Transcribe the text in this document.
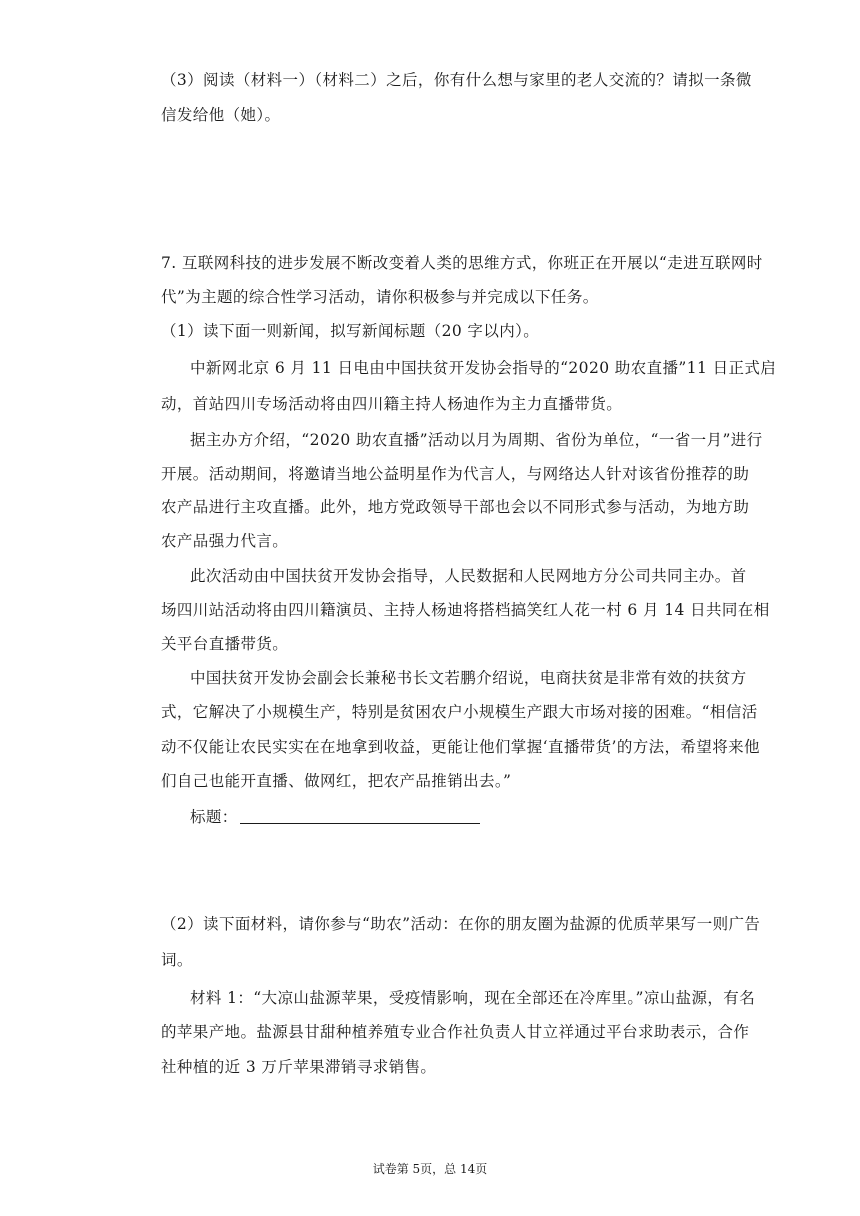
（3）阅读（材料一）（材料二）之后，你有什么想与家里的老人交流的？请拟一条微
信发给他（她）。
7. 互联网科技的进步发展不断改变着人类的思维方式，你班正在开展以“走进互联网时
代”为主题的综合性学习活动，请你积极参与并完成以下任务。
（1）读下面一则新闻，拟写新闻标题（20 字以内）。
中新网北京 6 月 11 日电由中国扶贫开发协会指导的“2020 助农直播”11 日正式启
动，首站四川专场活动将由四川籍主持人杨迪作为主力直播带货。
据主办方介绍，“2020 助农直播”活动以月为周期、省份为单位，“一省一月”进行
开展。活动期间，将邀请当地公益明星作为代言人，与网络达人针对该省份推荐的助
农产品进行主攻直播。此外，地方党政领导干部也会以不同形式参与活动，为地方助
农产品强力代言。
此次活动由中国扶贫开发协会指导，人民数据和人民网地方分公司共同主办。首
场四川站活动将由四川籍演员、主持人杨迪将搭档搞笑红人花一村 6 月 14 日共同在相
关平台直播带货。
中国扶贫开发协会副会长兼秘书长文若鹏介绍说，电商扶贫是非常有效的扶贫方
式，它解决了小规模生产，特别是贫困农户小规模生产跟大市场对接的困难。“相信活
动不仅能让农民实实在在地拿到收益，更能让他们掌握‘直播带货’的方法，希望将来他
们自己也能开直播、做网红，把农产品推销出去。”
标题：
（2）读下面材料，请你参与“助农”活动：在你的朋友圈为盐源的优质苹果写一则广告
词。
材料 1：“大凉山盐源苹果，受疫情影响，现在全部还在冷库里。”凉山盐源，有名
的苹果产地。盐源县甘甜种植养殖专业合作社负责人甘立祥通过平台求助表示，合作
社种植的近 3 万斤苹果滞销寻求销售。
试卷第 5页，总 14页
